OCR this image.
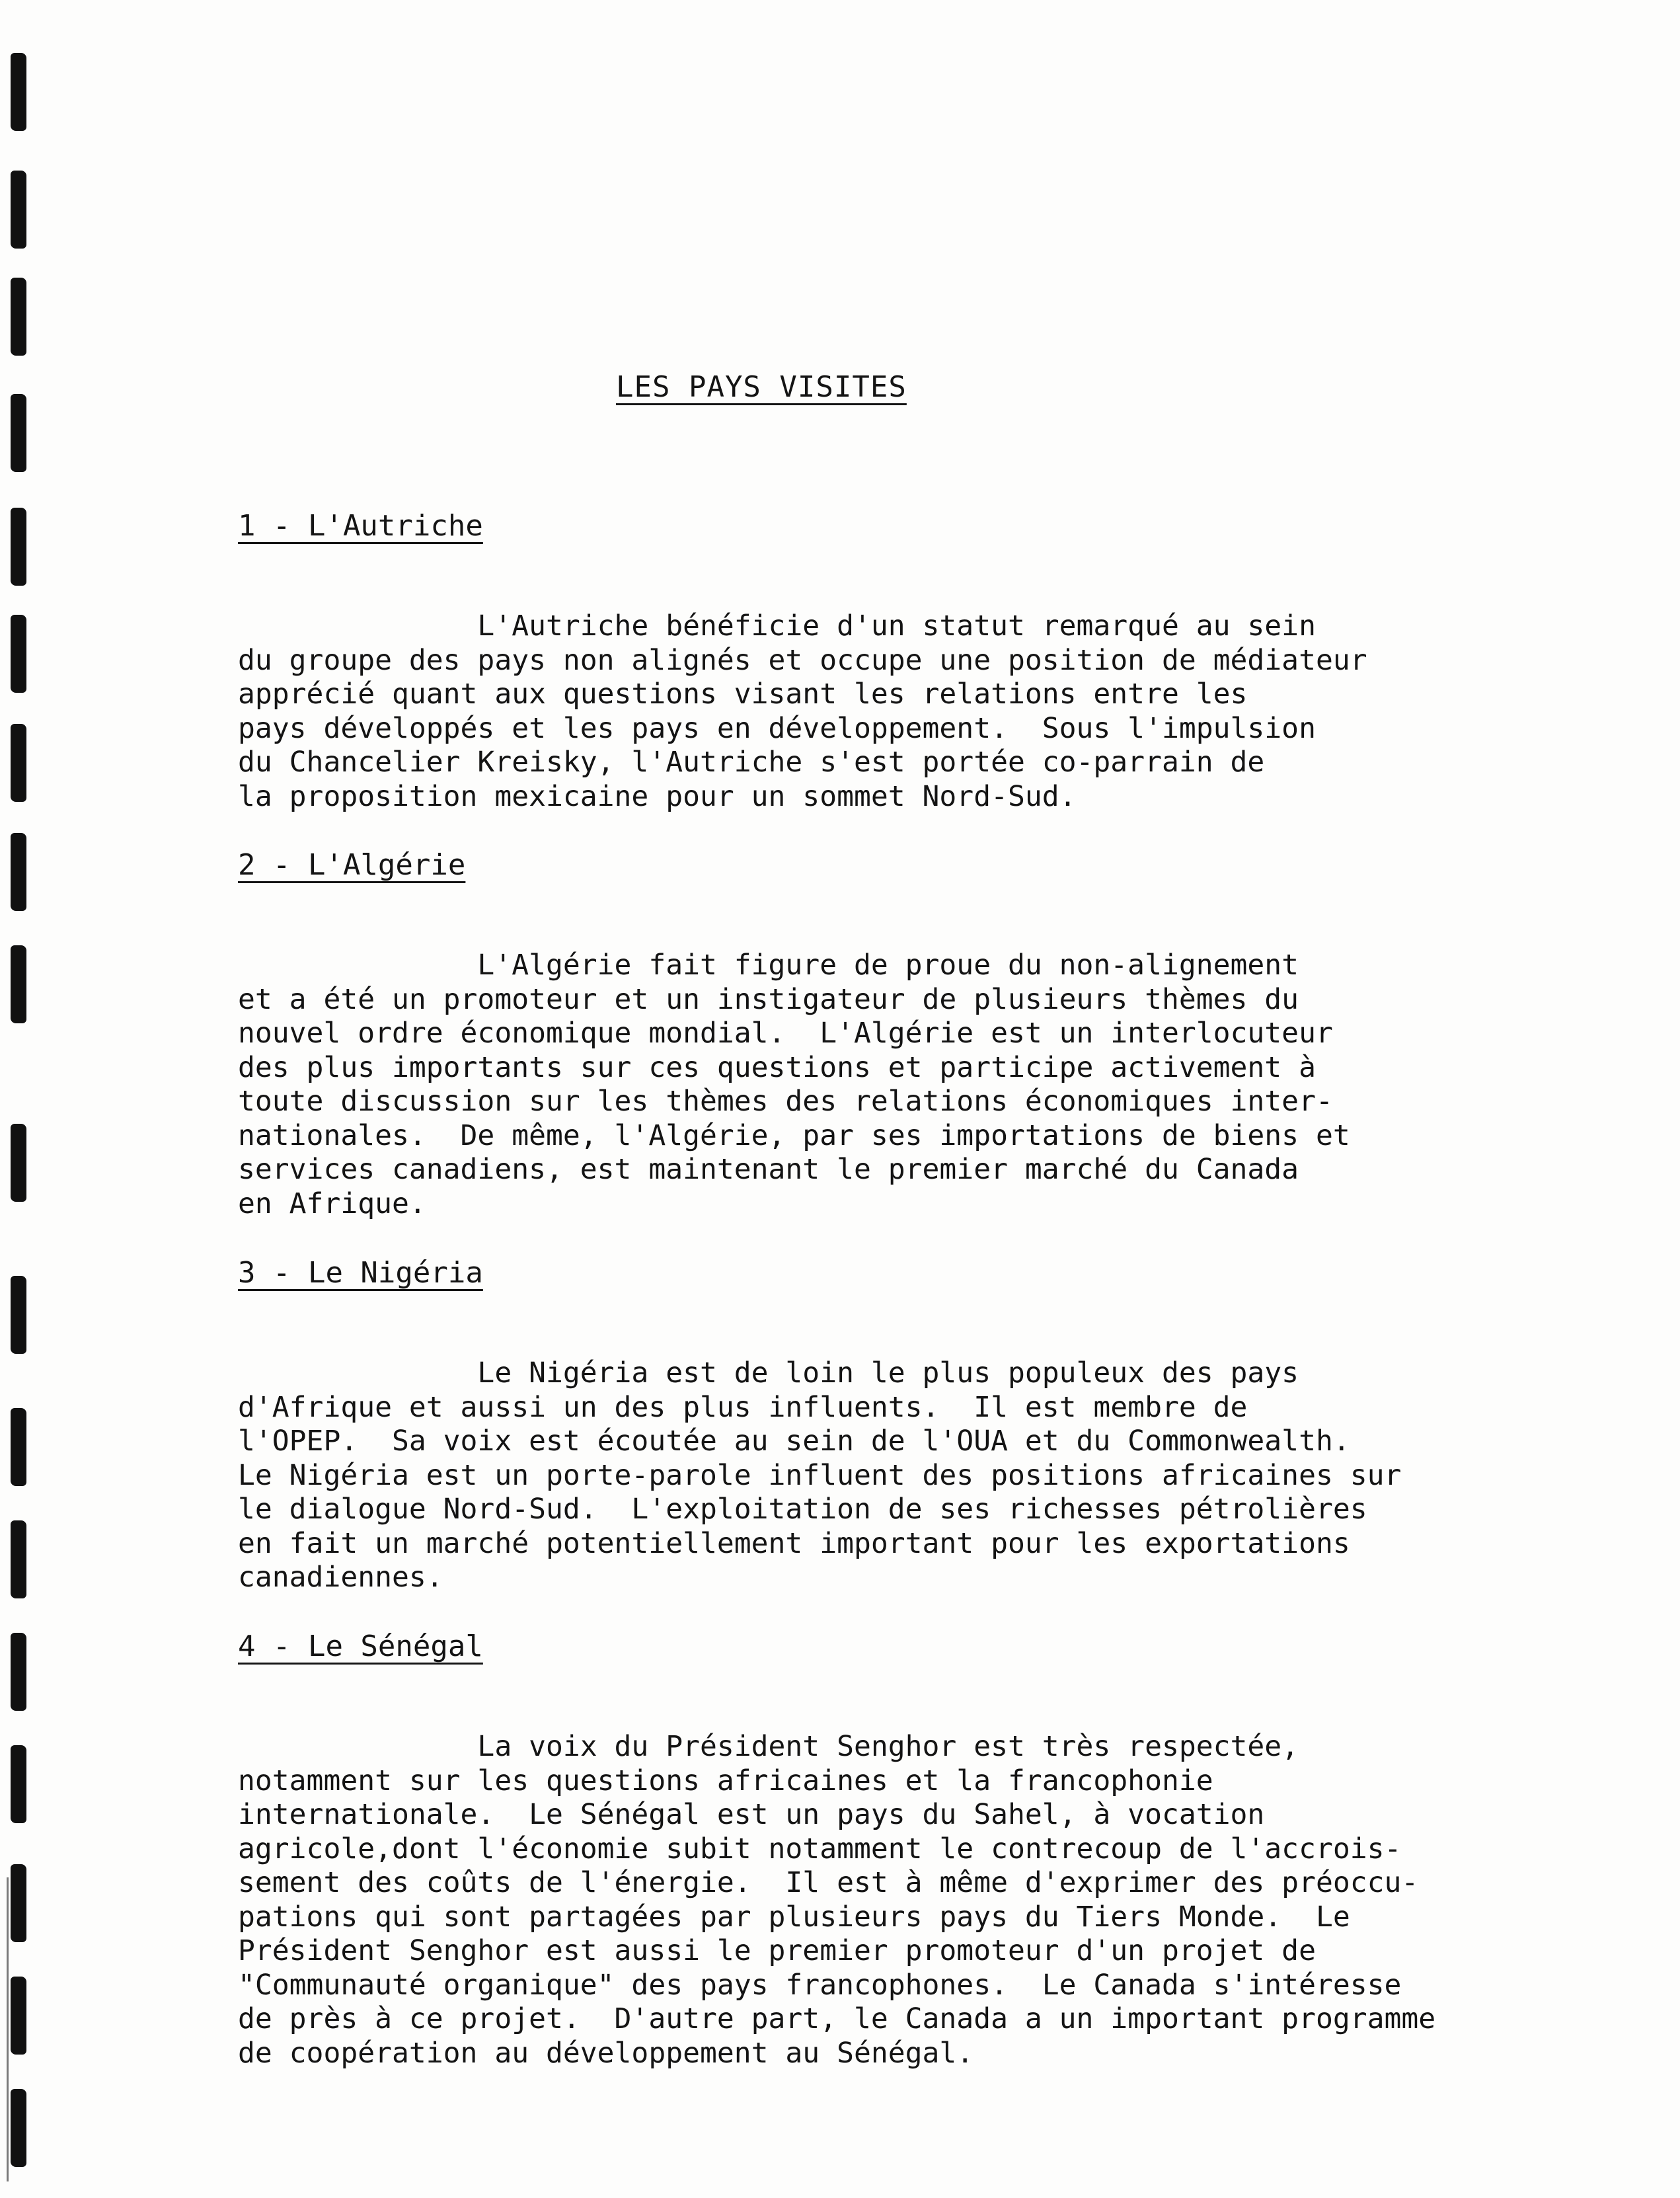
LES PAYS VISITES
1 - L'Autriche

L'Autriche bénéficie d'un statut remarqué au sein
du groupe des pays non alignés et occupe une position de médiateur
apprécié quant aux questions visant les relations entre les
pays développés et les pays en développement.  Sous l'impulsion
du Chancelier Kreisky, l'Autriche s'est portée co-parrain de
la proposition mexicaine pour un sommet Nord-Sud.

2 - L'Algérie

L'Algérie fait figure de proue du non-alignement
et a été un promoteur et un instigateur de plusieurs thèmes du
nouvel ordre économique mondial.  L'Algérie est un interlocuteur
des plus importants sur ces questions et participe activement à
toute discussion sur les thèmes des relations économiques inter-
nationales.  De même, l'Algérie, par ses importations de biens et
services canadiens, est maintenant le premier marché du Canada
en Afrique.

3 - Le Nigéria

Le Nigéria est de loin le plus populeux des pays
d'Afrique et aussi un des plus influents.  Il est membre de
l'OPEP.  Sa voix est écoutée au sein de l'OUA et du Commonwealth.
Le Nigéria est un porte-parole influent des positions africaines sur
le dialogue Nord-Sud.  L'exploitation de ses richesses pétrolières
en fait un marché potentiellement important pour les exportations
canadiennes.

4 - Le Sénégal

La voix du Président Senghor est très respectée,
notamment sur les questions africaines et la francophonie
internationale.  Le Sénégal est un pays du Sahel, à vocation
agricole,dont l'économie subit notamment le contrecoup de l'accrois-
sement des coûts de l'énergie.  Il est à même d'exprimer des préoccu-
pations qui sont partagées par plusieurs pays du Tiers Monde.  Le
Président Senghor est aussi le premier promoteur d'un projet de
"Communauté organique" des pays francophones.  Le Canada s'intéresse
de près à ce projet.  D'autre part, le Canada a un important programme
de coopération au développement au Sénégal.
